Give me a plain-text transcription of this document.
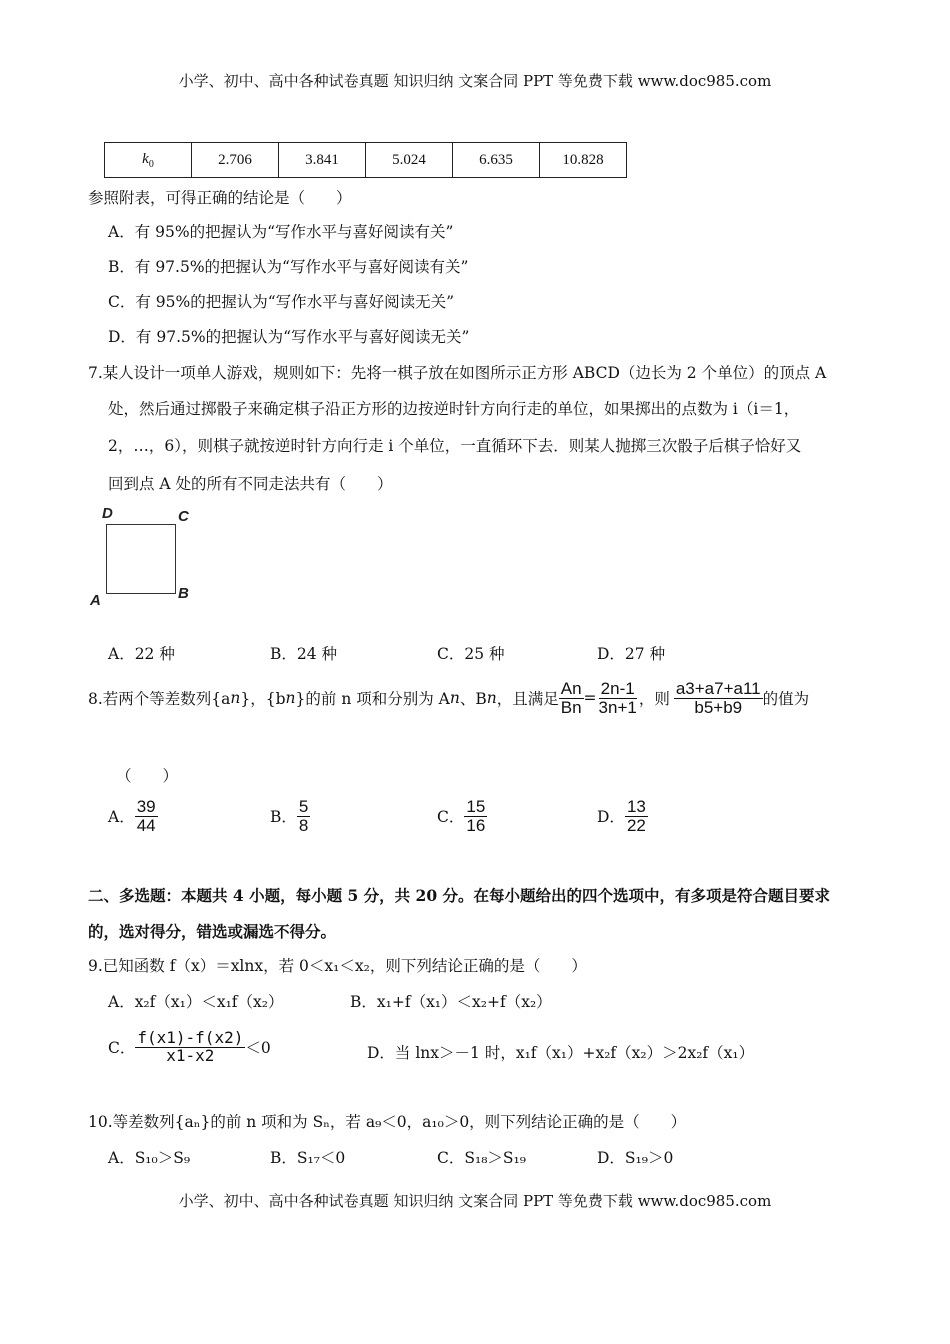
小学、初中、高中各种试卷真题 知识归纳 文案合同 PPT 等免费下载 www.doc985.com
$k_0$	2.706	3.841	5.024	6.635	10.828
参照附表，可得正确的结论是（　　）
A．有 95%的把握认为“写作水平与喜好阅读有关”
B．有 97.5%的把握认为“写作水平与喜好阅读有关”
C．有 95%的把握认为“写作水平与喜好阅读无关”
D．有 97.5%的把握认为“写作水平与喜好阅读无关”
7.某人设计一项单人游戏，规则如下：先将一棋子放在如图所示正方形 ABCD（边长为 2 个单位）的顶点 A
处，然后通过掷骰子来确定棋子沿正方形的边按逆时针方向行走的单位，如果掷出的点数为 i（i＝1，
2，…，6），则棋子就按逆时针方向行走 i 个单位，一直循环下去．则某人抛掷三次骰子后棋子恰好又
回到点 A 处的所有不同走法共有（　　）
D	C
A	B
A．22 种	B．24 种	C．25 种	D．27 种
8.若两个等差数列{a n }，{b n }的前 n 项和分别为 A n 、B n ，且满足 $\frac{An}{Bn} = \frac{2n-1}{3n+1}$ ，则 $\frac{a3+a7+a11}{b5+b9}$ 的值为
（　　）
A． $\frac{39}{44}$	B． $\frac{5}{8}$	C． $\frac{15}{16}$	D． $\frac{13}{22}$
二、多选题：本题共 4 小题，每小题 5 分，共 20 分。在每小题给出的四个选项中，有多项是符合题目要求
的，选对得分，错选或漏选不得分。
9.已知函数 f（x）＝xlnx，若 0＜x₁＜x₂，则下列结论正确的是（　　）
A．x₂f（x₁）＜x₁f（x₂）	B．x₁+f（x₁）＜x₂+f（x₂）
C． $\frac{f(x1)-f(x2)}{x1-x2} <0$	D．当 lnx＞－1 时，x₁f（x₁）+x₂f（x₂）＞2x₂f（x₁）
10.等差数列{aₙ}的前 n 项和为 Sₙ，若 a₉＜0，a₁₀＞0，则下列结论正确的是（　　）
A．S₁₀＞S₉	B．S₁₇＜0	C．S₁₈＞S₁₉	D．S₁₉＞0
小学、初中、高中各种试卷真题 知识归纳 文案合同 PPT 等免费下载 www.doc985.com
